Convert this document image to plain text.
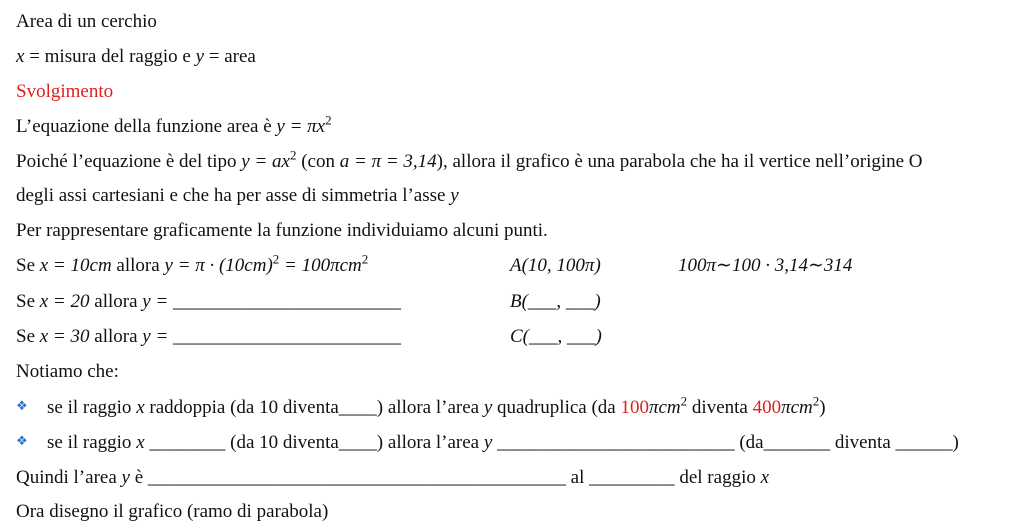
Area di un cerchio
x = misura del raggio e y = area
Svolgimento
L’equazione della funzione area è $y = \pi x^2$
Poiché l’equazione è del tipo $y = ax^2$ (con a = π = 3,14), allora il grafico è una parabola che ha il vertice nell’origine O
degli assi cartesiani e che ha per asse di simmetria l’asse y
Per rappresentare graficamente la funzione individuiamo alcuni punti.
Se x = 10cm allora $y = \pi \cdot (10cm)^2 = 100\pi cm^2$	A(10, 100π)	100π∼100 · 3,14∼314
Se x = 20 allora y = ________________________	B(___, ___)
Se x = 30 allora y = ________________________	C(___, ___)
Notiamo che:
❖ se il raggio x raddoppia (da 10 diventa____) allora l’area y quadruplica (da 100πcm$^2$ diventa 400πcm$^2$)
❖ se il raggio x ________ (da 10 diventa____) allora l’area y _________________________ (da_______ diventa ______)
Quindi l’area y è ____________________________________________ al _________ del raggio x
Ora disegno il grafico (ramo di parabola)
